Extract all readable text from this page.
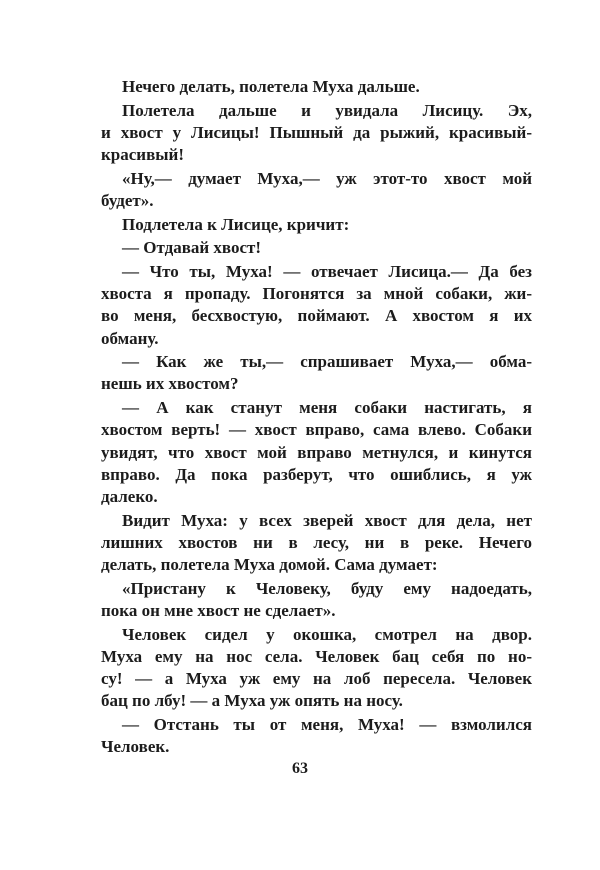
Нечего делать, полетела Муха дальше.
Полетела дальше и увидала Лисицу. Эх,
и хвост у Лисицы! Пышный да рыжий, красивый-
красивый!
«Ну,— думает Муха,— уж этот-то хвост мой
будет».
Подлетела к Лисице, кричит:
— Отдавай хвост!
— Что ты, Муха! — отвечает Лисица.— Да без
хвоста я пропаду. Погонятся за мной собаки, жи-
во меня, бесхвостую, поймают. А хвостом я их
обману.
— Как же ты,— спрашивает Муха,— обма-
нешь их хвостом?
— А как станут меня собаки настигать, я
хвостом верть! — хвост вправо, сама влево. Собаки
увидят, что хвост мой вправо метнулся, и кинутся
вправо. Да пока разберут, что ошиблись, я уж
далеко.
Видит Муха: у всех зверей хвост для дела, нет
лишних хвостов ни в лесу, ни в реке. Нечего
делать, полетела Муха домой. Сама думает:
«Пристану к Человеку, буду ему надоедать,
пока он мне хвост не сделает».
Человек сидел у окошка, смотрел на двор.
Муха ему на нос села. Человек бац себя по но-
су! — а Муха уж ему на лоб пересела. Человек
бац по лбу! — а Муха уж опять на носу.
— Отстань ты от меня, Муха! — взмолился
Человек.
63
